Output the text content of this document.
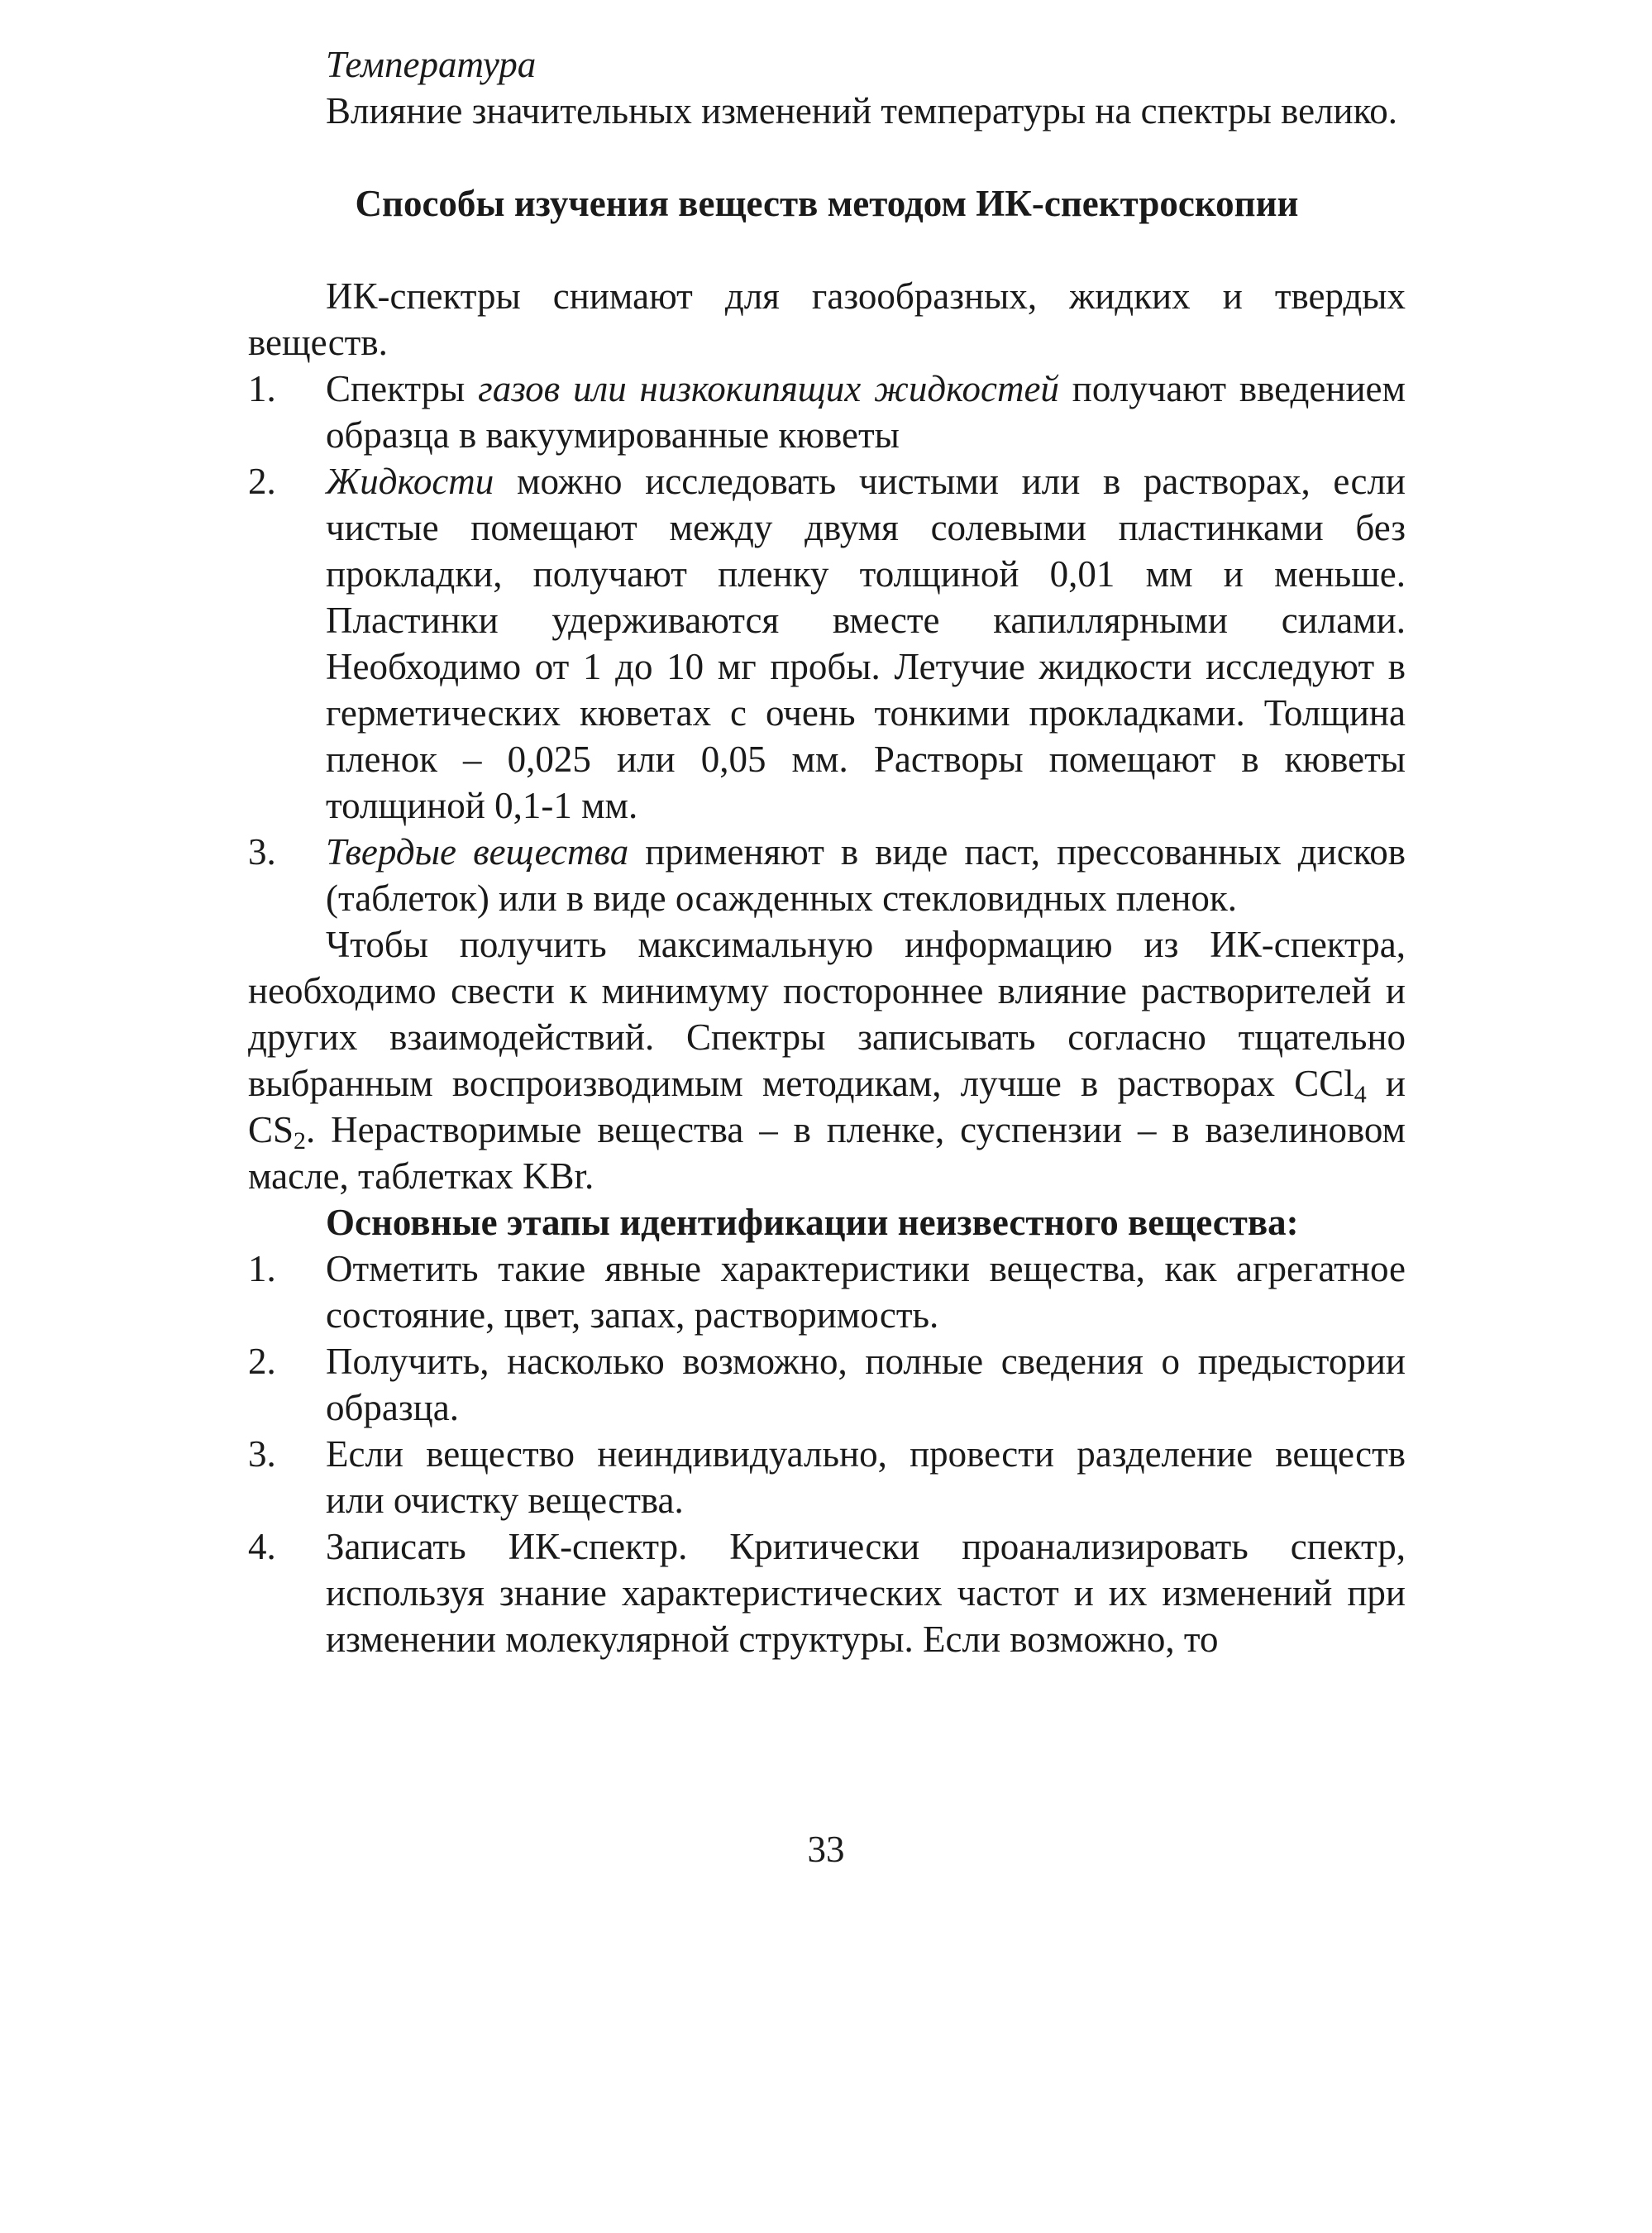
Температура

Влияние значительных изменений температуры на спектры велико.

Способы изучения веществ методом ИК-спектроскопии

ИК-спектры снимают для газообразных, жидких и твердых веществ.

1. Спектры газов или низкокипящих жидкостей получают введением образца в вакуумированные кюветы
2. Жидкости можно исследовать чистыми или в растворах, если чистые помещают между двумя солевыми пластинками без прокладки, получают пленку толщиной 0,01 мм и меньше. Пластинки удерживаются вместе капиллярными силами. Необходимо от 1 до 10 мг пробы. Летучие жидкости исследуют в герметических кюветах с очень тонкими прокладками. Толщина пленок – 0,025 или 0,05 мм. Растворы помещают в кюветы толщиной 0,1-1 мм.
3. Твердые вещества применяют в виде паст, прессованных дисков (таблеток) или в виде осажденных стекловидных пленок.

Чтобы получить максимальную информацию из ИК-спектра, необходимо свести к минимуму постороннее влияние растворителей и других взаимодействий. Спектры записывать согласно тщательно выбранным воспроизводимым методикам, лучше в растворах CCl$_4$ и $CS_2$. Нерастворимые вещества – в пленке, суспензии – в вазелиновом масле, таблетках KBr.

Основные этапы идентификации неизвестного вещества:

1. Отметить такие явные характеристики вещества, как агрегатное состояние, цвет, запах, растворимость.
2. Получить, насколько возможно, полные сведения о предыстории образца.
3. Если вещество неиндивидуально, провести разделение веществ или очистку вещества.
4. Записать ИК-спектр. Критически проанализировать спектр, используя знание характеристических частот и их изменений при изменении молекулярной структуры. Если возможно, то
33
